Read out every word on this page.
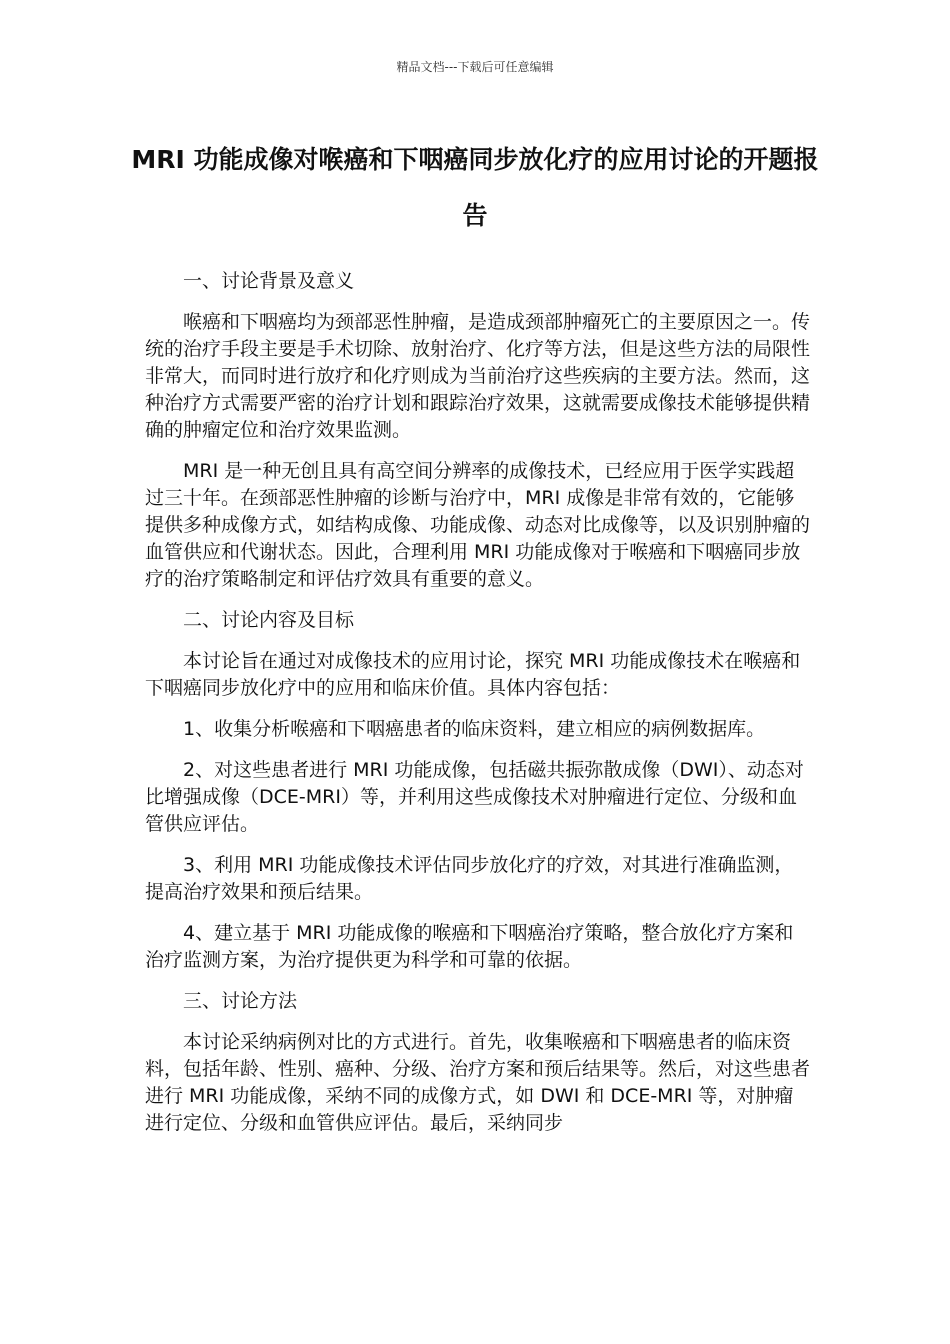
精品文档---下载后可任意编辑
MRI 功能成像对喉癌和下咽癌同步放化疗的应用讨论的开题报告

一、讨论背景及意义

喉癌和下咽癌均为颈部恶性肿瘤，是造成颈部肿瘤死亡的主要原因之一。传统的治疗手段主要是手术切除、放射治疗、化疗等方法，但是这些方法的局限性非常大，而同时进行放疗和化疗则成为当前治疗这些疾病的主要方法。然而，这种治疗方式需要严密的治疗计划和跟踪治疗效果，这就需要成像技术能够提供精确的肿瘤定位和治疗效果监测。

MRI 是一种无创且具有高空间分辨率的成像技术，已经应用于医学实践超过三十年。在颈部恶性肿瘤的诊断与治疗中，MRI 成像是非常有效的，它能够提供多种成像方式，如结构成像、功能成像、动态对比成像等，以及识别肿瘤的血管供应和代谢状态。因此，合理利用 MRI 功能成像对于喉癌和下咽癌同步放疗的治疗策略制定和评估疗效具有重要的意义。

二、讨论内容及目标

本讨论旨在通过对成像技术的应用讨论，探究 MRI 功能成像技术在喉癌和下咽癌同步放化疗中的应用和临床价值。具体内容包括：

1、收集分析喉癌和下咽癌患者的临床资料，建立相应的病例数据库。

2、对这些患者进行 MRI 功能成像，包括磁共振弥散成像（DWI）、动态对比增强成像（DCE-MRI）等，并利用这些成像技术对肿瘤进行定位、分级和血管供应评估。

3、利用 MRI 功能成像技术评估同步放化疗的疗效，对其进行准确监测，提高治疗效果和预后结果。

4、建立基于 MRI 功能成像的喉癌和下咽癌治疗策略，整合放化疗方案和治疗监测方案，为治疗提供更为科学和可靠的依据。

三、讨论方法

本讨论采纳病例对比的方式进行。首先，收集喉癌和下咽癌患者的临床资料，包括年龄、性别、癌种、分级、治疗方案和预后结果等。然后，对这些患者进行 MRI 功能成像，采纳不同的成像方式，如 DWI 和 DCE-MRI 等，对肿瘤进行定位、分级和血管供应评估。最后，采纳同步
